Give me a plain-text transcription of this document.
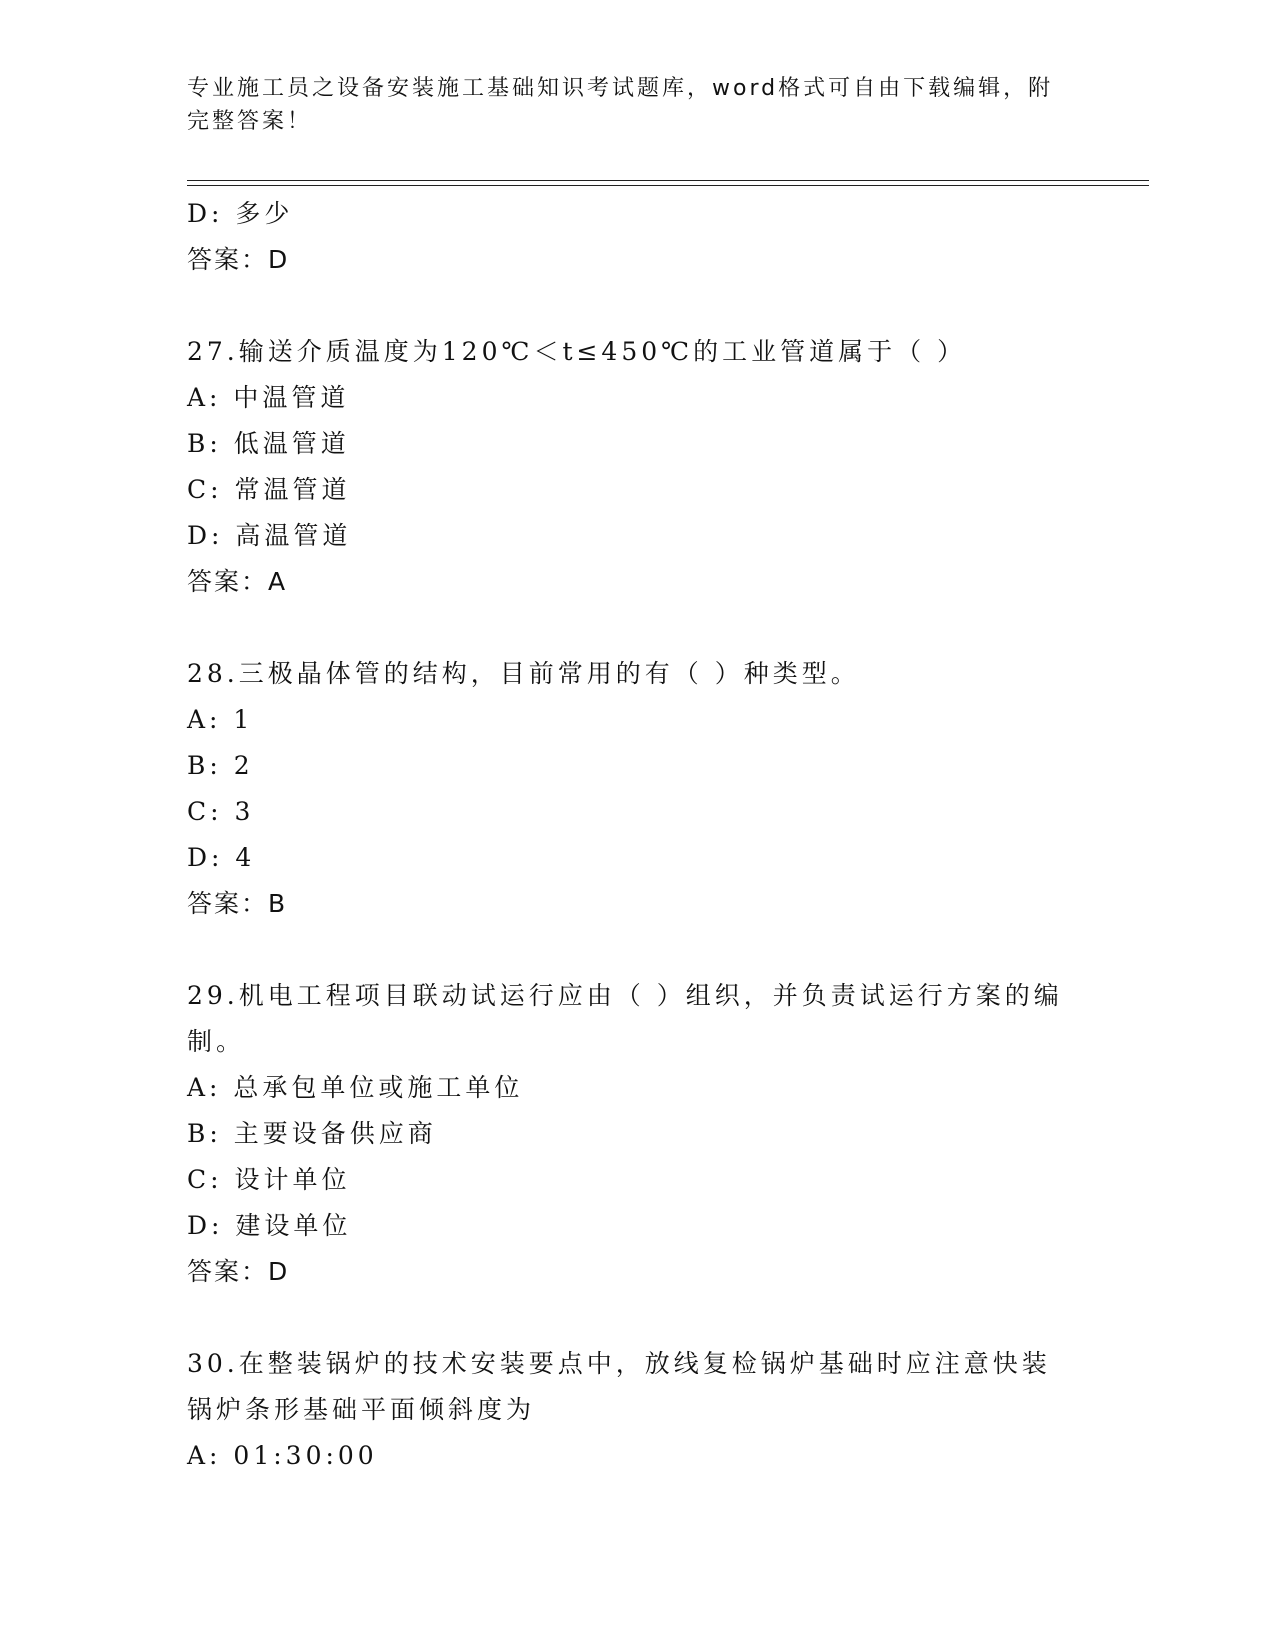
专业施工员之设备安装施工基础知识考试题库，word格式可自由下载编辑，附完整答案！
D: 多少
答案：D
27.输送介质温度为120℃＜t≤450℃的工业管道属于（ ）
A: 中温管道
B: 低温管道
C: 常温管道
D: 高温管道
答案：A
28.三极晶体管的结构，目前常用的有（ ）种类型。
A: 1
B: 2
C: 3
D: 4
答案：B
29.机电工程项目联动试运行应由（ ）组织，并负责试运行方案的编制。
A: 总承包单位或施工单位
B: 主要设备供应商
C: 设计单位
D: 建设单位
答案：D
30.在整装锅炉的技术安装要点中，放线复检锅炉基础时应注意快装锅炉条形基础平面倾斜度为
A: 01:30:00
